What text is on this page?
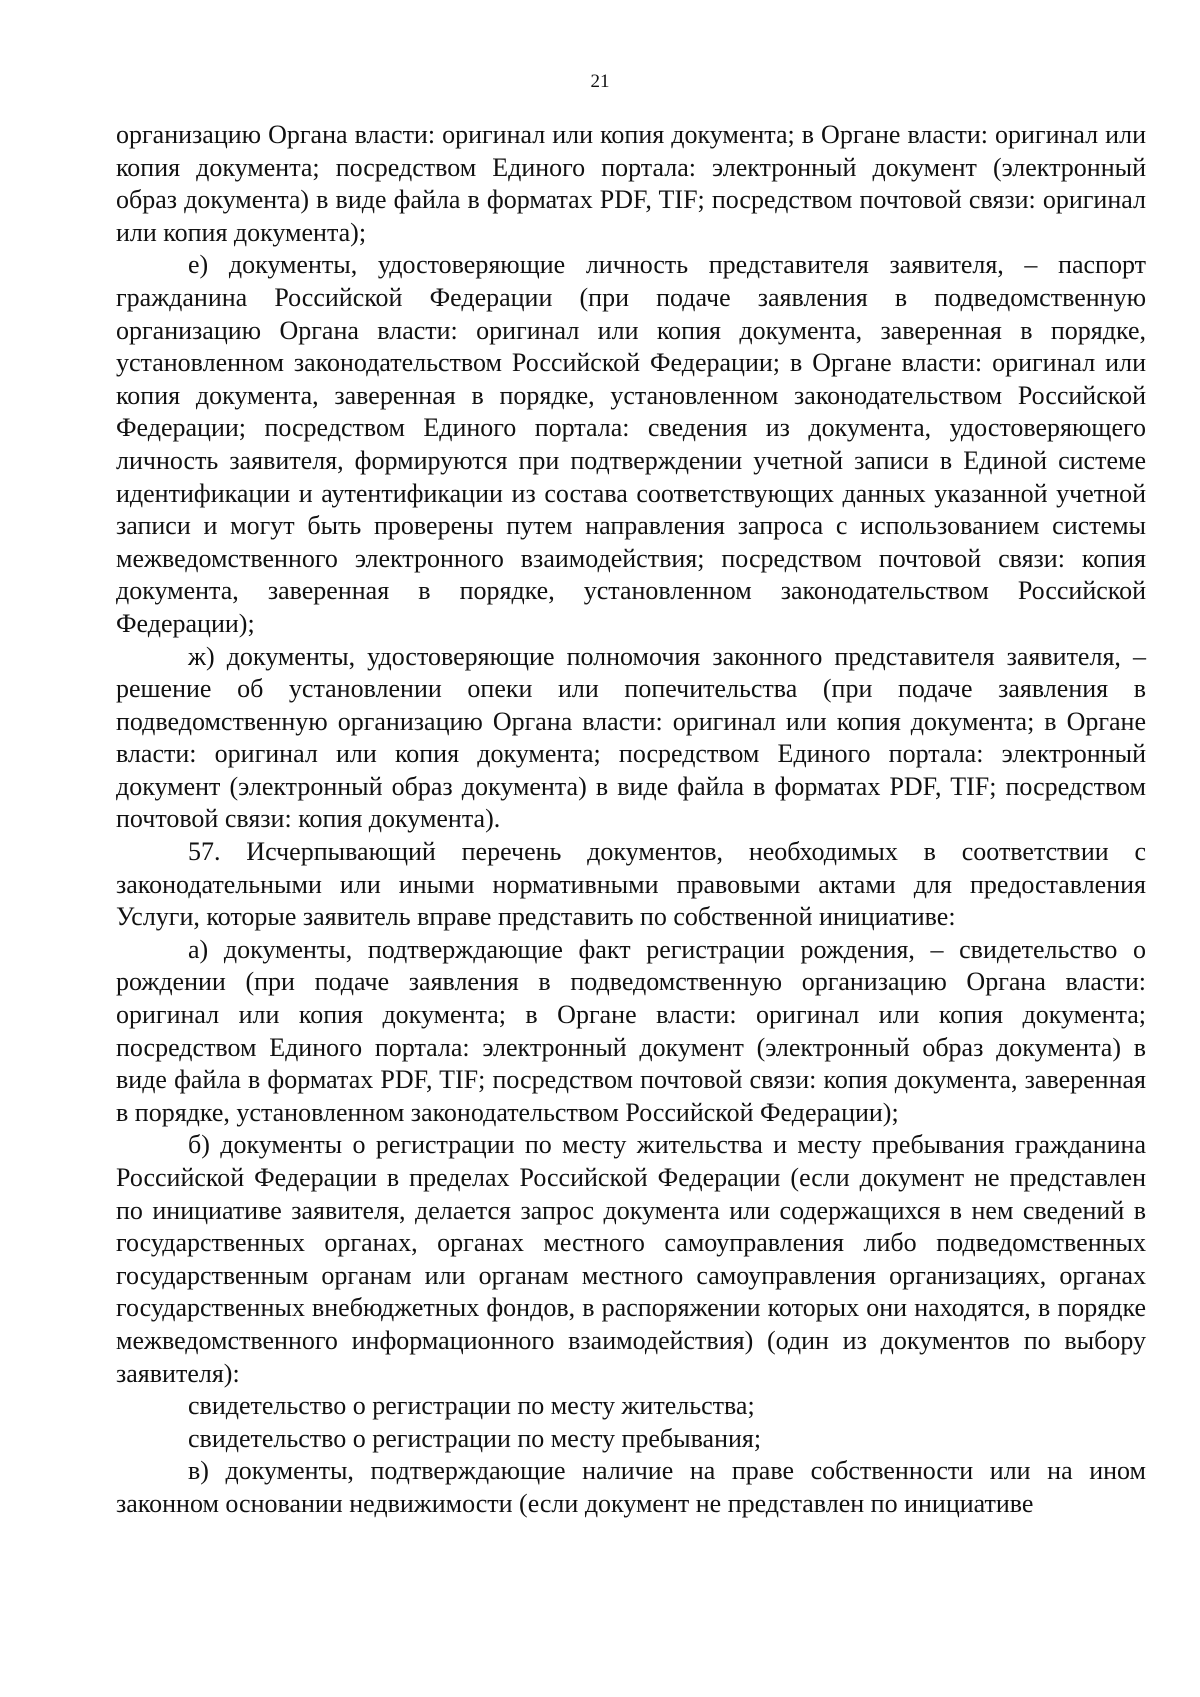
21

организацию Органа власти: оригинал или копия документа; в Органе власти: оригинал или копия документа; посредством Единого портала: электронный документ (электронный образ документа) в виде файла в форматах PDF, TIF; посредством почтовой связи: оригинал или копия документа);

е) документы, удостоверяющие личность представителя заявителя, – паспорт гражданина Российской Федерации (при подаче заявления в подведомственную организацию Органа власти: оригинал или копия документа, заверенная в порядке, установленном законодательством Российской Федерации; в Органе власти: оригинал или копия документа, заверенная в порядке, установленном законодательством Российской Федерации; посредством Единого портала: сведения из документа, удостоверяющего личность заявителя, формируются при подтверждении учетной записи в Единой системе идентификации и аутентификации из состава соответствующих данных указанной учетной записи и могут быть проверены путем направления запроса с использованием системы межведомственного электронного взаимодействия; посредством почтовой связи: копия документа, заверенная в порядке, установленном законодательством Российской Федерации);

ж) документы, удостоверяющие полномочия законного представителя заявителя, – решение об установлении опеки или попечительства (при подаче заявления в подведомственную организацию Органа власти: оригинал или копия документа; в Органе власти: оригинал или копия документа; посредством Единого портала: электронный документ (электронный образ документа) в виде файла в форматах PDF, TIF; посредством почтовой связи: копия документа).

57. Исчерпывающий перечень документов, необходимых в соответствии с законодательными или иными нормативными правовыми актами для предоставления Услуги, которые заявитель вправе представить по собственной инициативе:

а) документы, подтверждающие факт регистрации рождения, – свидетельство о рождении (при подаче заявления в подведомственную организацию Органа власти: оригинал или копия документа; в Органе власти: оригинал или копия документа; посредством Единого портала: электронный документ (электронный образ документа) в виде файла в форматах PDF, TIF; посредством почтовой связи: копия документа, заверенная в порядке, установленном законодательством Российской Федерации);

б) документы о регистрации по месту жительства и месту пребывания гражданина Российской Федерации в пределах Российской Федерации (если документ не представлен по инициативе заявителя, делается запрос документа или содержащихся в нем сведений в государственных органах, органах местного самоуправления либо подведомственных государственным органам или органам местного самоуправления организациях, органах государственных внебюджетных фондов, в распоряжении которых они находятся, в порядке межведомственного информационного взаимодействия) (один из документов по выбору заявителя):

свидетельство о регистрации по месту жительства;

свидетельство о регистрации по месту пребывания;

в) документы, подтверждающие наличие на праве собственности или на ином законном основании недвижимости (если документ не представлен по инициативе
